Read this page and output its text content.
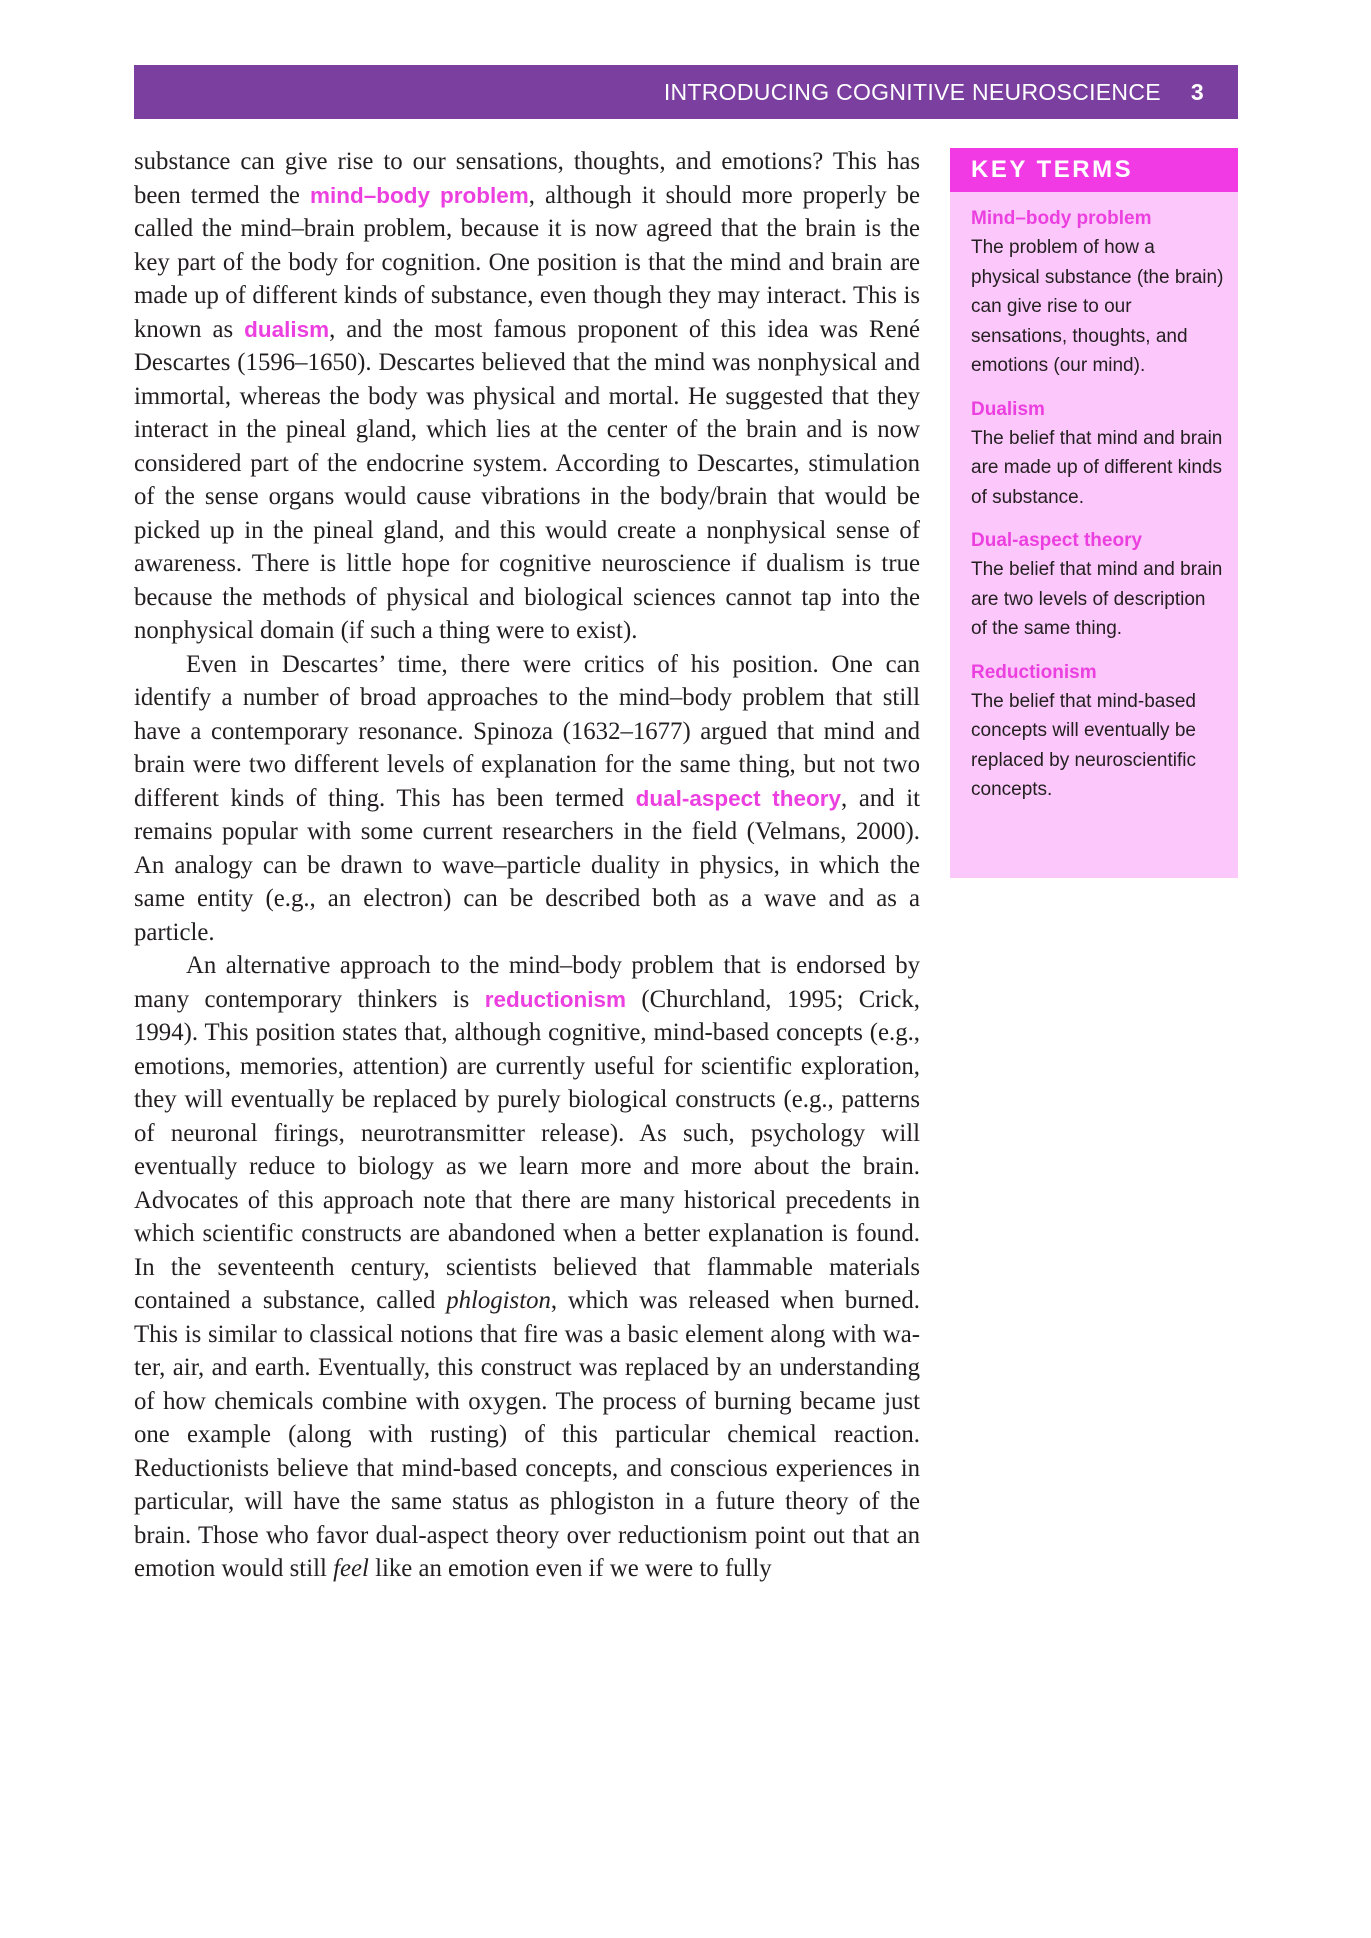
INTRODUCING COGNITIVE NEUROSCIENCE 3

substance can give rise to our sensations, thoughts, and emotions? This has been termed the mind–body problem, although it should more properly be called the mind–brain problem, because it is now agreed that the brain is the key part of the body for cognition. One position is that the mind and brain are made up of different kinds of substance, even though they may interact. This is known as dualism, and the most famous proponent of this idea was René Descartes (1596–1650). Descartes believed that the mind was nonphysical and immortal, whereas the body was physical and mortal. He suggested that they interact in the pineal gland, which lies at the center of the brain and is now considered part of the endocrine system. According to Descartes, stimulation of the sense organs would cause vibrations in the body/brain that would be picked up in the pineal gland, and this would create a nonphysical sense of awareness. There is little hope for cognitive neuroscience if dualism is true because the methods of physical and biological sciences cannot tap into the nonphysical domain (if such a thing were to exist).

Even in Descartes’ time, there were critics of his position. One can identify a number of broad approaches to the mind–body problem that still have a contemporary resonance. Spinoza (1632–1677) argued that mind and brain were two different levels of explanation for the same thing, but not two different kinds of thing. This has been termed dual-aspect theory, and it remains popular with some current researchers in the field (Velmans, 2000). An analogy can be drawn to wave–particle duality in physics, in which the same entity (e.g., an electron) can be described both as a wave and as a particle.

An alternative approach to the mind–body problem that is endorsed by many contemporary thinkers is reductionism (Churchland, 1995; Crick, 1994). This position states that, although cognitive, mind-based concepts (e.g., emotions, memories, attention) are currently useful for scientific exploration, they will eventually be replaced by purely biological constructs (e.g., patterns of neuronal firings, neurotransmitter release). As such, psychology will eventually reduce to biology as we learn more and more about the brain. Advocates of this approach note that there are many historical precedents in which scientific constructs are abandoned when a better explanation is found. In the seventeenth century, scientists believed that flammable materials contained a substance, called phlogiston, which was released when burned. This is similar to classical notions that fire was a basic element along with water, air, and earth. Eventually, this construct was replaced by an understanding of how chemicals combine with oxygen. The process of burning became just one example (along with rusting) of this particular chemical reaction. Reductionists believe that mind-based concepts, and conscious experiences in particular, will have the same status as phlogiston in a future theory of the brain. Those who favor dual-aspect theory over reductionism point out that an emotion would still feel like an emotion even if we were to fully

KEY TERMS
Mind–body problem
The problem of how a physical substance (the brain) can give rise to our sensations, thoughts, and emotions (our mind).
Dualism
The belief that mind and brain are made up of different kinds of substance.
Dual-aspect theory
The belief that mind and brain are two levels of description of the same thing.
Reductionism
The belief that mind-based concepts will eventually be replaced by neuroscientific concepts.
